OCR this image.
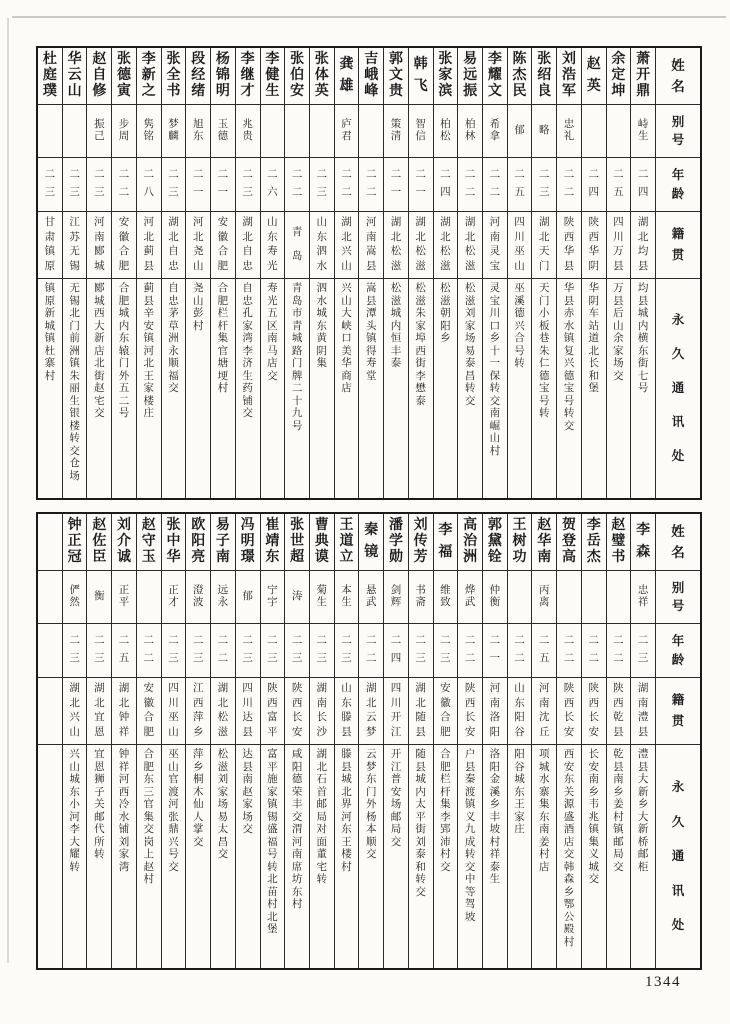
姓
名
别
号
年
龄
籍
贯
永
久
通
讯
处
萧
开
鼎
峙
生
二
四
湖
北
均
县
均
县
城
内
横
东
街
七
号
余
定
坤
二
五
四
川
万
县
万
县
后
山
余
家
场
交
赵
英
二
四
陕
西
华
阴
华
阴
车
站
道
北
长
和
堡
刘
浩
军
忠
礼
二
二
陕
西
华
县
华
县
赤
水
镇
复
兴
德
宝
号
转
交
张
绍
良
略
二
三
湖
北
天
门
天
门
小
板
巷
朱
仁
德
宝
号
转
陈
杰
民
郁
二
五
四
川
巫
山
巫
溪
德
兴
合
号
转
李
耀
文
希
拿
二
二
河
南
灵
宝
灵
宝
川
口
乡
十
一
保
转
交
南
崛
山
村
易
远
振
柏
林
二
二
湖
北
松
滋
松
滋
刘
家
场
易
泰
昌
转
交
张
家
滨
柏
松
二
四
湖
北
松
滋
松
滋
朝
阳
乡
韩
飞
智
信
二
一
湖
北
松
滋
松
滋
朱
家
埠
西
街
李
懋
泰
郭
文
贵
策
清
二
一
湖
北
松
滋
松
滋
城
内
恒
丰
泰
吉
峨
峰
二
二
河
南
嵩
县
嵩
县
潭
头
镇
得
寿
堂
龚
雄
庐
君
二
二
湖
北
兴
山
兴
山
大
峡
口
美
华
商
店
张
体
英
二
三
山
东
泗
水
泗
水
城
东
黄
阴
集
张
伯
安
二
二
青
岛
青
岛
市
青
城
路
门
牌
二
十
九
号
李
健
生
二
六
山
东
寿
光
寿
光
五
区
南
马
店
交
李
继
才
兆
贵
二
三
湖
北
自
忠
自
忠
孔
家
湾
李
济
生
药
铺
交
杨
锦
明
玉
德
二
一
安
徽
合
肥
合
肥
栏
杆
集
官
塘
埂
村
段
经
绪
旭
东
二
一
河
北
尧
山
尧
山
彭
村
张
全
书
梦
麟
二
三
湖
北
自
忠
自
忠
茅
草
洲
永
顺
福
交
李
新
之
隽
铭
二
八
河
北
蓟
县
蓟
县
辛
安
镇
河
北
王
家
楼
庄
张
德
寅
步
周
二
二
安
徽
合
肥
合
肥
城
内
东
辕
门
外
五
二
号
赵
自
修
振
己
二
三
河
南
郾
城
郾
城
西
大
新
店
北
街
赵
宅
交
华
云
山
二
三
江
苏
无
锡
无
锡
北
门
前
洲
镇
朱
丽
生
银
楼
转
交
仓
场
杜
庭
璞
二
三
甘
肃
镇
原
镇
原
新
城
镇
杜
寨
村
姓
名
别
号
年
龄
籍
贯
永
久
通
讯
处
李
森
忠
祥
二
三
湖
南
澧
县
澧
县
大
新
乡
大
新
桥
邮
柜
赵
璧
书
二
二
陕
西
乾
县
乾
县
南
乡
姜
村
镇
邮
局
交
李
岳
杰
二
二
陕
西
长
安
长
安
南
乡
韦
兆
镇
集
义
城
交
贺
登
高
二
二
陕
西
长
安
西
安
东
关
源
盛
酒
店
交
韩
森
乡
鄂
公
殿
村
赵
华
南
丙
离
二
五
河
南
沈
丘
项
城
水
寨
集
东
南
姜
村
店
王
树
功
二
二
山
东
阳
谷
阳
谷
城
东
王
家
庄
郭
黛
铨
仲
衡
二
一
河
南
洛
阳
洛
阳
金
溪
乡
丰
坡
村
祥
泰
生
高
治
洲
烨
武
二
二
陕
西
长
安
户
县
秦
渡
镇
义
九
成
转
交
中
等
驾
坡
李
福
维
致
二
三
安
徽
合
肥
合
肥
栏
杆
集
李
郢
沛
村
交
刘
传
芳
书
斋
二
三
湖
北
随
县
随
县
城
内
太
平
街
刘
泰
和
转
交
潘
学
勋
剑
辉
二
四
四
川
开
江
开
江
普
安
场
邮
局
交
秦
镜
悬
武
二
二
湖
北
云
梦
云
梦
东
门
外
杨
本
顺
交
王
道
立
本
生
二
三
山
东
滕
县
滕
县
城
北
界
河
东
王
楼
村
曹
典
谟
菊
生
二
三
湖
南
长
沙
湖
北
石
首
邮
局
对
面
董
宅
转
张
世
超
涛
二
三
陕
西
长
安
咸
阳
德
荣
丰
交
渭
河
南
席
坊
东
村
崔
靖
东
宁
宇
二
三
陕
西
富
平
富
平
施
家
镇
锡
盛
福
号
转
北
苗
村
北
堡
冯
明
璟
郁
二
三
四
川
达
县
达
县
南
赵
家
场
交
易
子
南
远
永
二
二
湖
北
松
滋
松
滋
刘
家
场
易
太
昌
交
欧
阳
亮
澄
波
二
三
江
西
萍
乡
萍
乡
桐
木
仙
人
掌
交
张
中
华
正
才
二
三
四
川
巫
山
巫
山
官
渡
河
张
鼎
兴
号
交
赵
守
玉
二
二
安
徽
合
肥
合
肥
东
三
官
集
交
岗
上
赵
村
刘
介
诚
正
平
二
五
湖
北
钟
祥
钟
祥
河
西
冷
水
铺
刘
家
湾
赵
佐
臣
衡
二
三
湖
北
宜
恩
宜
恩
狮
子
关
邮
代
所
转
钟
正
冠
俨
然
二
三
湖
北
兴
山
兴
山
城
东
小
河
李
大
耀
转
1344
